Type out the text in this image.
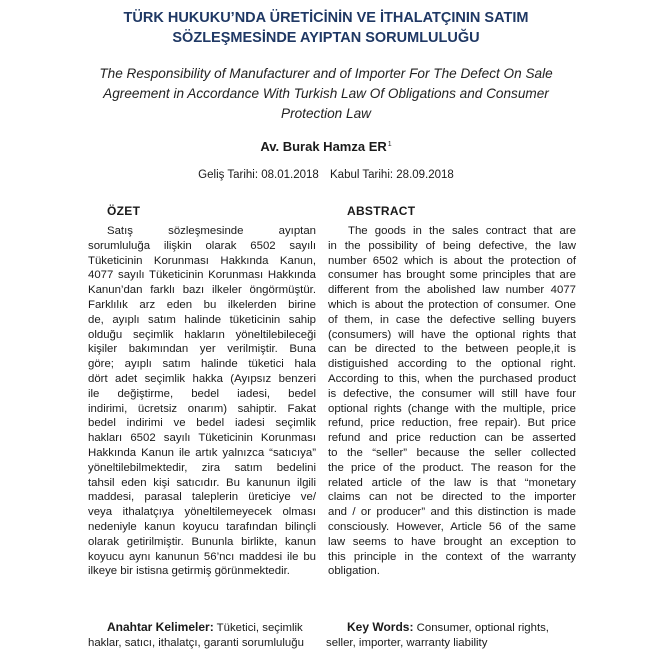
TÜRK HUKUKU’NDA ÜRETİCİNİN VE İTHALATÇININ SATIM
SÖZLEŞMESİNDE AYIPTAN SORUMLULUĞU
The Responsibility of Manufacturer and of Importer For The Defect On Sale
Agreement in Accordance With Turkish Law Of Obligations and Consumer
Protection Law
Av. Burak Hamza $ER^1$
Geliş Tarihi: 08.01.2018 Kabul Tarihi: 28.09.2018
ÖZET	ABSTRACT
Satış sözleşmesinde ayıptan
sorumluluğa ilişkin olarak 6502 sayılı
Tüketicinin Korunması Hakkında Kanun,
4077 sayılı Tüketicinin Korunması Hakkında
Kanun’dan farklı bazı ilkeler öngörmüştür.
Farklılık arz eden bu ilkelerden birine
de, ayıplı satım halinde tüketicinin sahip
olduğu seçimlik hakların yöneltilebileceği
kişiler bakımından yer verilmiştir. Buna
göre; ayıplı satım halinde tüketici hala
dört adet seçimlik hakka (Ayıpsız benzeri
ile değiştirme, bedel iadesi, bedel
indirimi, ücretsiz onarım) sahiptir. Fakat
bedel indirimi ve bedel iadesi seçimlik
hakları 6502 sayılı Tüketicinin Korunması
Hakkında Kanun ile artık yalnızca “satıcıya”
yöneltilebilmektedir, zira satım bedelini
tahsil eden kişi satıcıdır. Bu kanunun ilgili
maddesi, parasal taleplerin üreticiye ve/
veya ithalatçıya yöneltilemeyecek olması
nedeniyle kanun koyucu tarafından bilinçli
olarak getirilmiştir. Bununla birlikte, kanun
koyucu aynı kanunun 56’ncı maddesi ile bu
ilkeye bir istisna getirmiş görünmektedir.
The goods in the sales contract that are
in the possibility of being defective, the law
number 6502 which is about the protection of
consumer has brought some principles that are
different from the abolished law number 4077
which is about the protection of consumer. One
of them, in case the defective selling buyers
(consumers) will have the optional rights that
can be directed to the between people,it is
distiguished according to the optional right.
According to this, when the purchased product
is defective, the consumer will still have four
optional rights (change with the multiple, price
refund, price reduction, free repair). But price
refund and price reduction can be asserted
to the “seller” because the seller collected
the price of the product. The reason for the
related article of the law is that “monetary
claims can not be directed to the importer
and / or producer” and this distinction is made
consciously. However, Article 56 of the same
law seems to have brought an exception to
this principle in the context of the warranty
obligation.
Anahtar Kelimeler: Tüketici, seçimlik
haklar, satıcı, ithalatçı, garanti sorumluluğu
Key Words: Consumer, optional rights,
seller, importer, warranty liability
